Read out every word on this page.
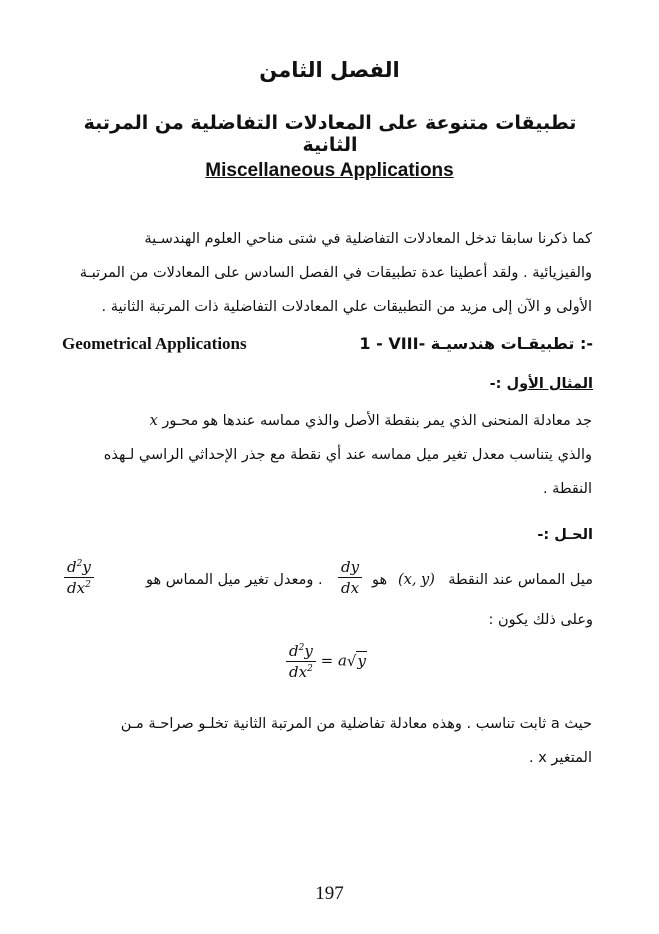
الفصل الثامن
تطبيقات متنوعة على المعادلات التفاضلية من المرتبة الثانية
Miscellaneous Applications
كما ذكرنا سابقا تدخل المعادلات التفاضلية في شتى مناحي العلوم الهندسـية
والفيزيائية . ولقد أعطينا عدة تطبيقات في الفصل السادس على المعادلات من المرتبـة
الأولى و الآن إلى مزيد من التطبيقات علي المعادلات التفاضلية ذات المرتبة الثانية .
Geometrical Applications	1 - VIII- تطبيقـات هندسيـة :-
المثال الأول :-
جد معادلة المنحنى الذي يمر بنقطة الأصل والذي مماسه عندها هو محـور x
والذي يتناسب معدل تغير ميل مماسه عند أي نقطة مع جذر الإحداثي الراسي لـهذه
النقطة .
الحـل :-
ميل المماس عند النقطة
(x, y)
هو
$\frac{dy}{dx}$
. ومعدل تغير ميل المماس هو
$\frac{d^2y}{dx^2}$
وعلى ذلك يكون :
$\frac{d^2y}{dx^2} = a√y$
حيث a ثابت تناسب . وهذه معادلة تفاضلية من المرتبة الثانية تخلـو صراحـة مـن
المتغير x .
197
